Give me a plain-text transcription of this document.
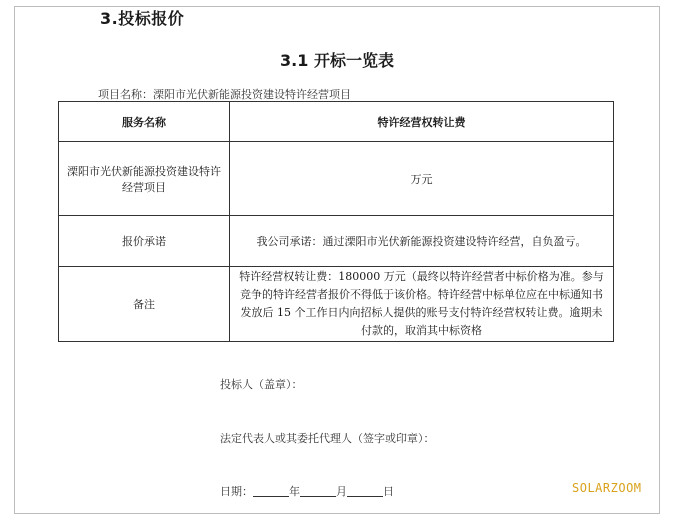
3.投标报价
3.1 开标一览表
项目名称：溧阳市光伏新能源投资建设特许经营项目
服务名称	特许经营权转让费
溧阳市光伏新能源投资建设特许经营项目	万元
报价承诺	我公司承诺：通过溧阳市光伏新能源投资建设特许经营，自负盈亏。
备注	特许经营权转让费：180000 万元（最终以特许经营者中标价格为准。参与竞争的特许经营者报价不得低于该价格。特许经营中标单位应在中标通知书发放后 15 个工作日内向招标人提供的账号支付特许经营权转让费。逾期未付款的，取消其中标资格
投标人（盖章）：
法定代表人或其委托代理人（签字或印章）：
日期：	年	月	日	SOLARZOOM
